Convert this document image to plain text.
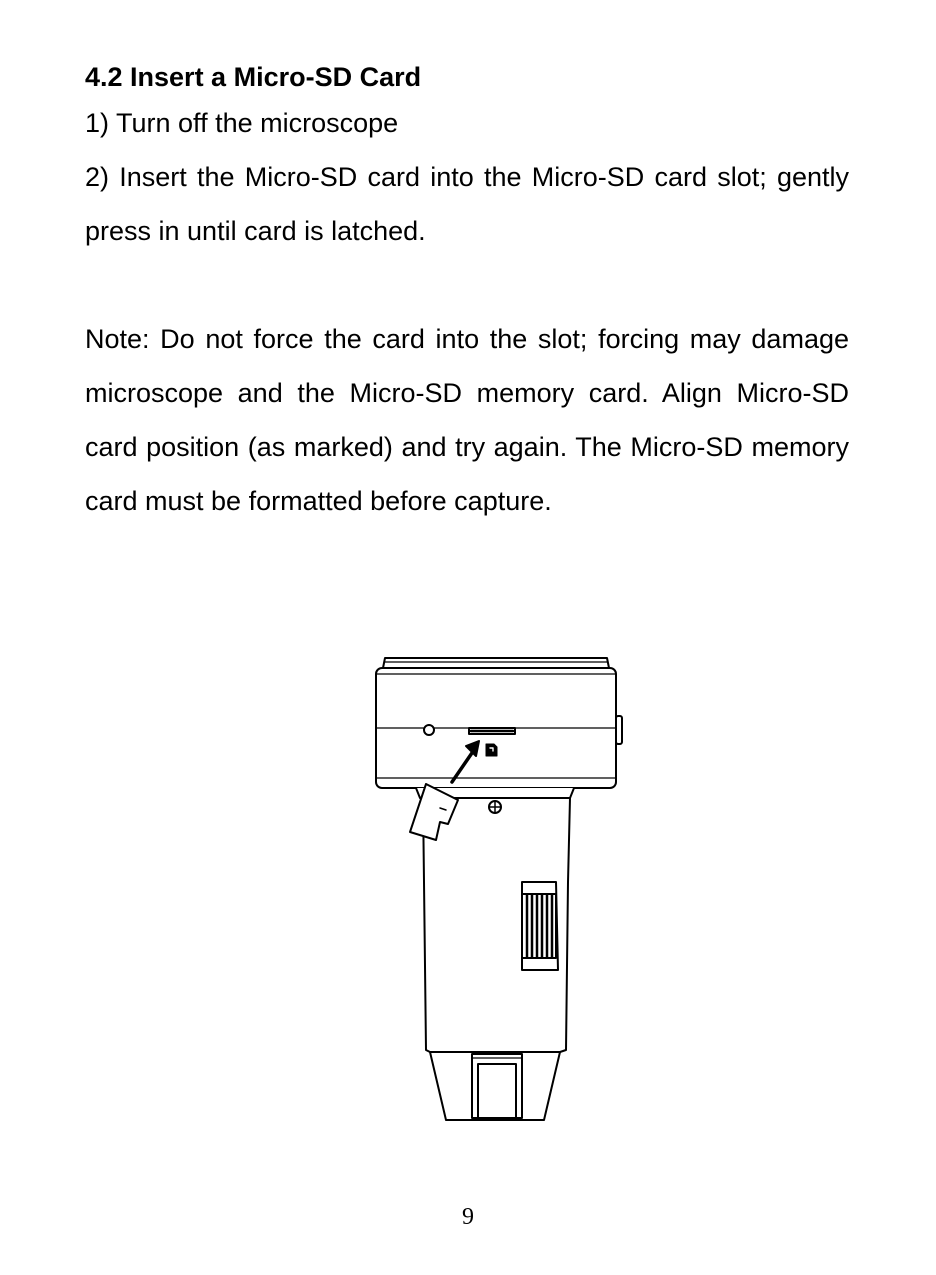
4.2 Insert a Micro-SD Card

1) Turn off the microscope

2) Insert the Micro-SD card into the Micro-SD card slot; gently press in until card is latched.

Note: Do not force the card into the slot; forcing may damage microscope and the Micro-SD memory card. Align Micro-SD card position (as marked) and try again. The Micro-SD memory card must be formatted before capture.

9
